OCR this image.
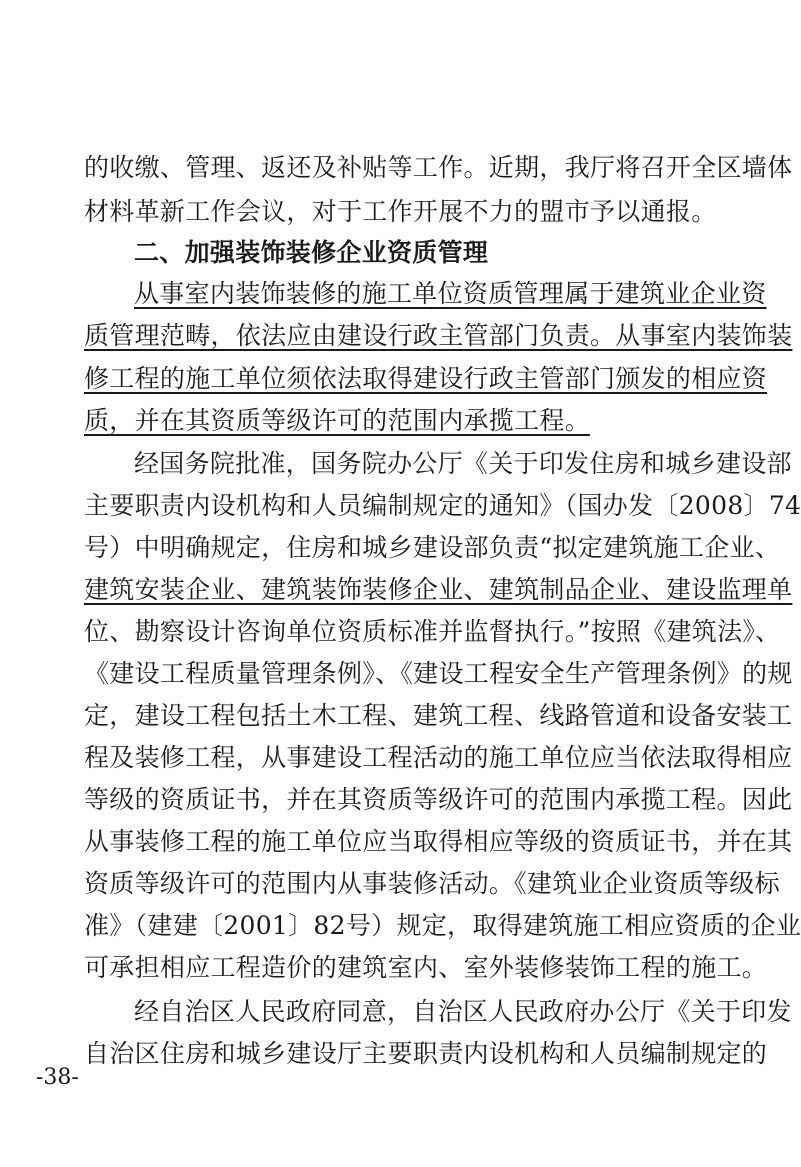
的收缴、管理、返还及补贴等工作。近期，我厅将召开全区墙体
材料革新工作会议，对于工作开展不力的盟市予以通报。
二、加强装饰装修企业资质管理
从事室内装饰装修的施工单位资质管理属于建筑业企业资
质管理范畴，依法应由建设行政主管部门负责。从事室内装饰装
修工程的施工单位须依法取得建设行政主管部门颁发的相应资
质，并在其资质等级许可的范围内承揽工程。
经国务院批准，国务院办公厅《关于印发住房和城乡建设部
主要职责内设机构和人员编制规定的通知》（国办发〔2008〕74
号）中明确规定，住房和城乡建设部负责“拟定建筑施工企业、
建筑安装企业、建筑装饰装修企业、建筑制品企业、建设监理单
位、勘察设计咨询单位资质标准并监督执行。”按照《建筑法》、
《建设工程质量管理条例》、《建设工程安全生产管理条例》的规
定，建设工程包括土木工程、建筑工程、线路管道和设备安装工
程及装修工程，从事建设工程活动的施工单位应当依法取得相应
等级的资质证书，并在其资质等级许可的范围内承揽工程。因此
从事装修工程的施工单位应当取得相应等级的资质证书，并在其
资质等级许可的范围内从事装修活动。《建筑业企业资质等级标
准》（建建〔2001〕82号）规定，取得建筑施工相应资质的企业
可承担相应工程造价的建筑室内、室外装修装饰工程的施工。
经自治区人民政府同意，自治区人民政府办公厅《关于印发
自治区住房和城乡建设厅主要职责内设机构和人员编制规定的
-38-
